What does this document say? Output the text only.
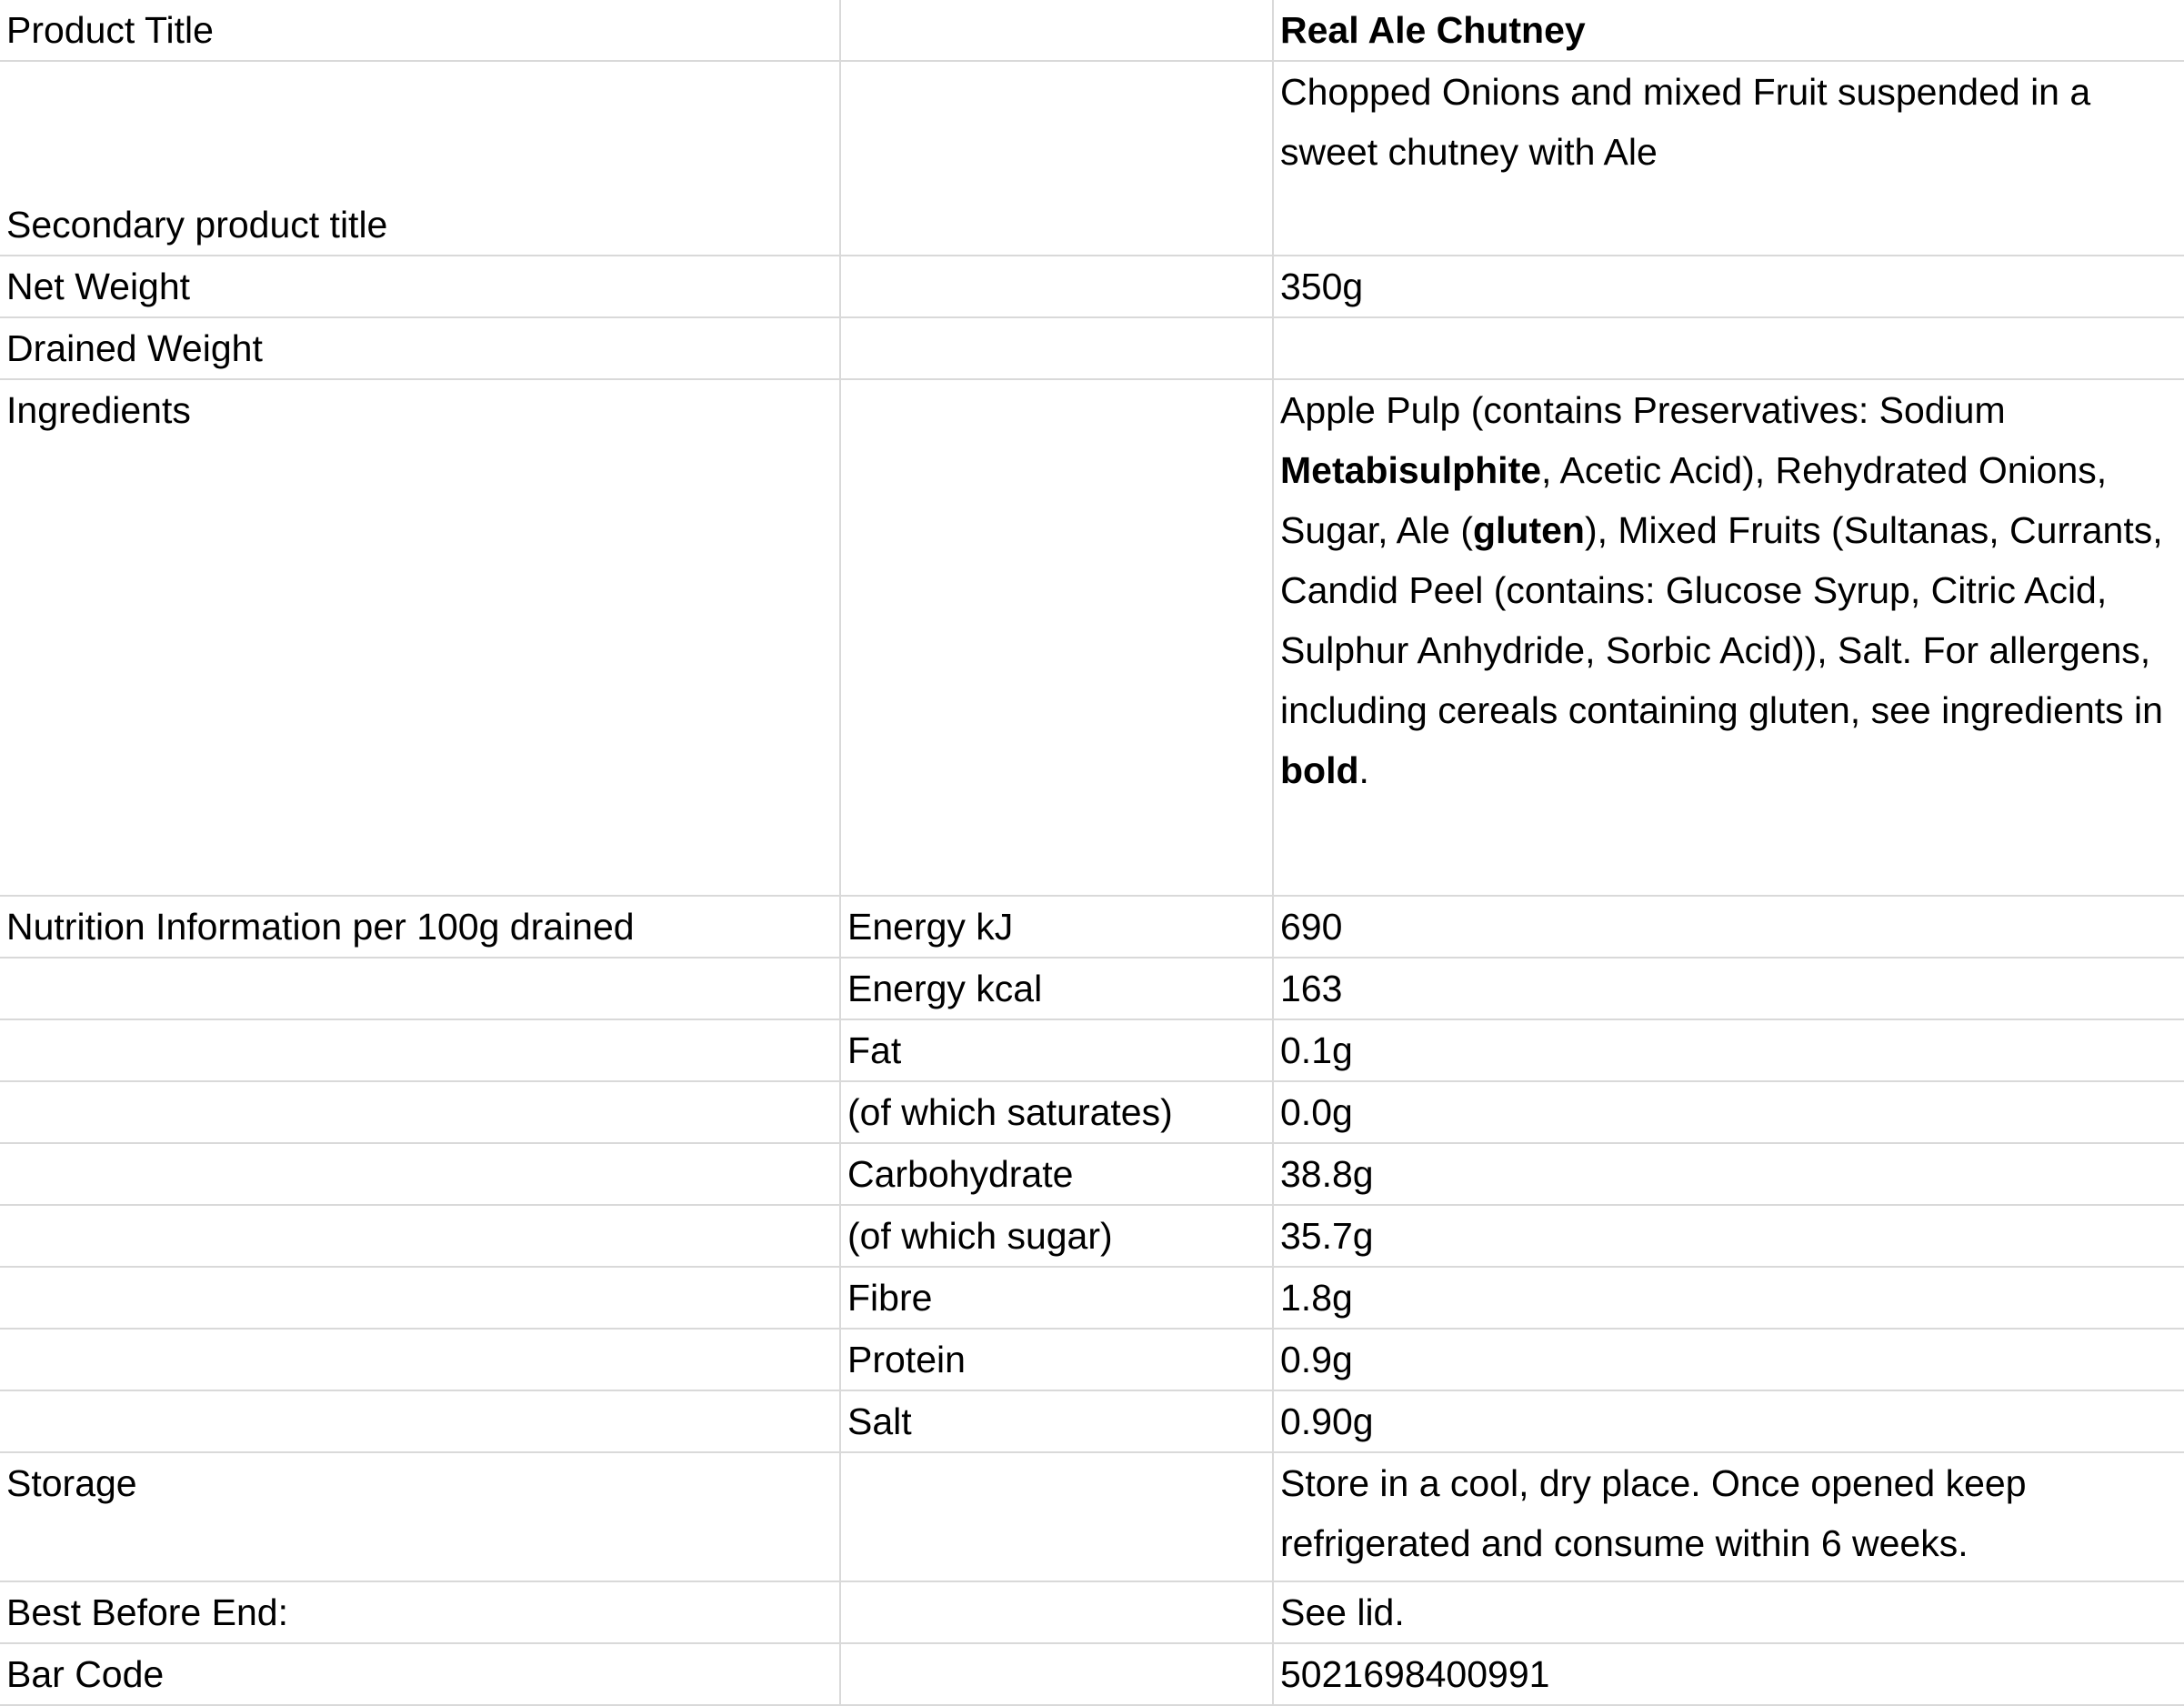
Product Title		Real Ale Chutney
Secondary product title		Chopped Onions and mixed Fruit suspended in a sweet chutney with Ale
Net Weight		350g
Drained Weight		
Ingredients		Apple Pulp (contains Preservatives: Sodium Metabisulphite, Acetic Acid), Rehydrated Onions, Sugar, Ale (gluten), Mixed Fruits (Sultanas, Currants, Candid Peel (contains: Glucose Syrup, Citric Acid, Sulphur Anhydride, Sorbic Acid)), Salt. For allergens, including cereals containing gluten, see ingredients in bold.
Nutrition Information per 100g drained	Energy kJ	690
	Energy kcal	163
	Fat	0.1g
	(of which saturates)	0.0g
	Carbohydrate	38.8g
	(of which sugar)	35.7g
	Fibre	1.8g
	Protein	0.9g
	Salt	0.90g
Storage		Store in a cool, dry place. Once opened keep refrigerated and consume within 6 weeks.
Best Before End:		See lid.
Bar Code		5021698400991
